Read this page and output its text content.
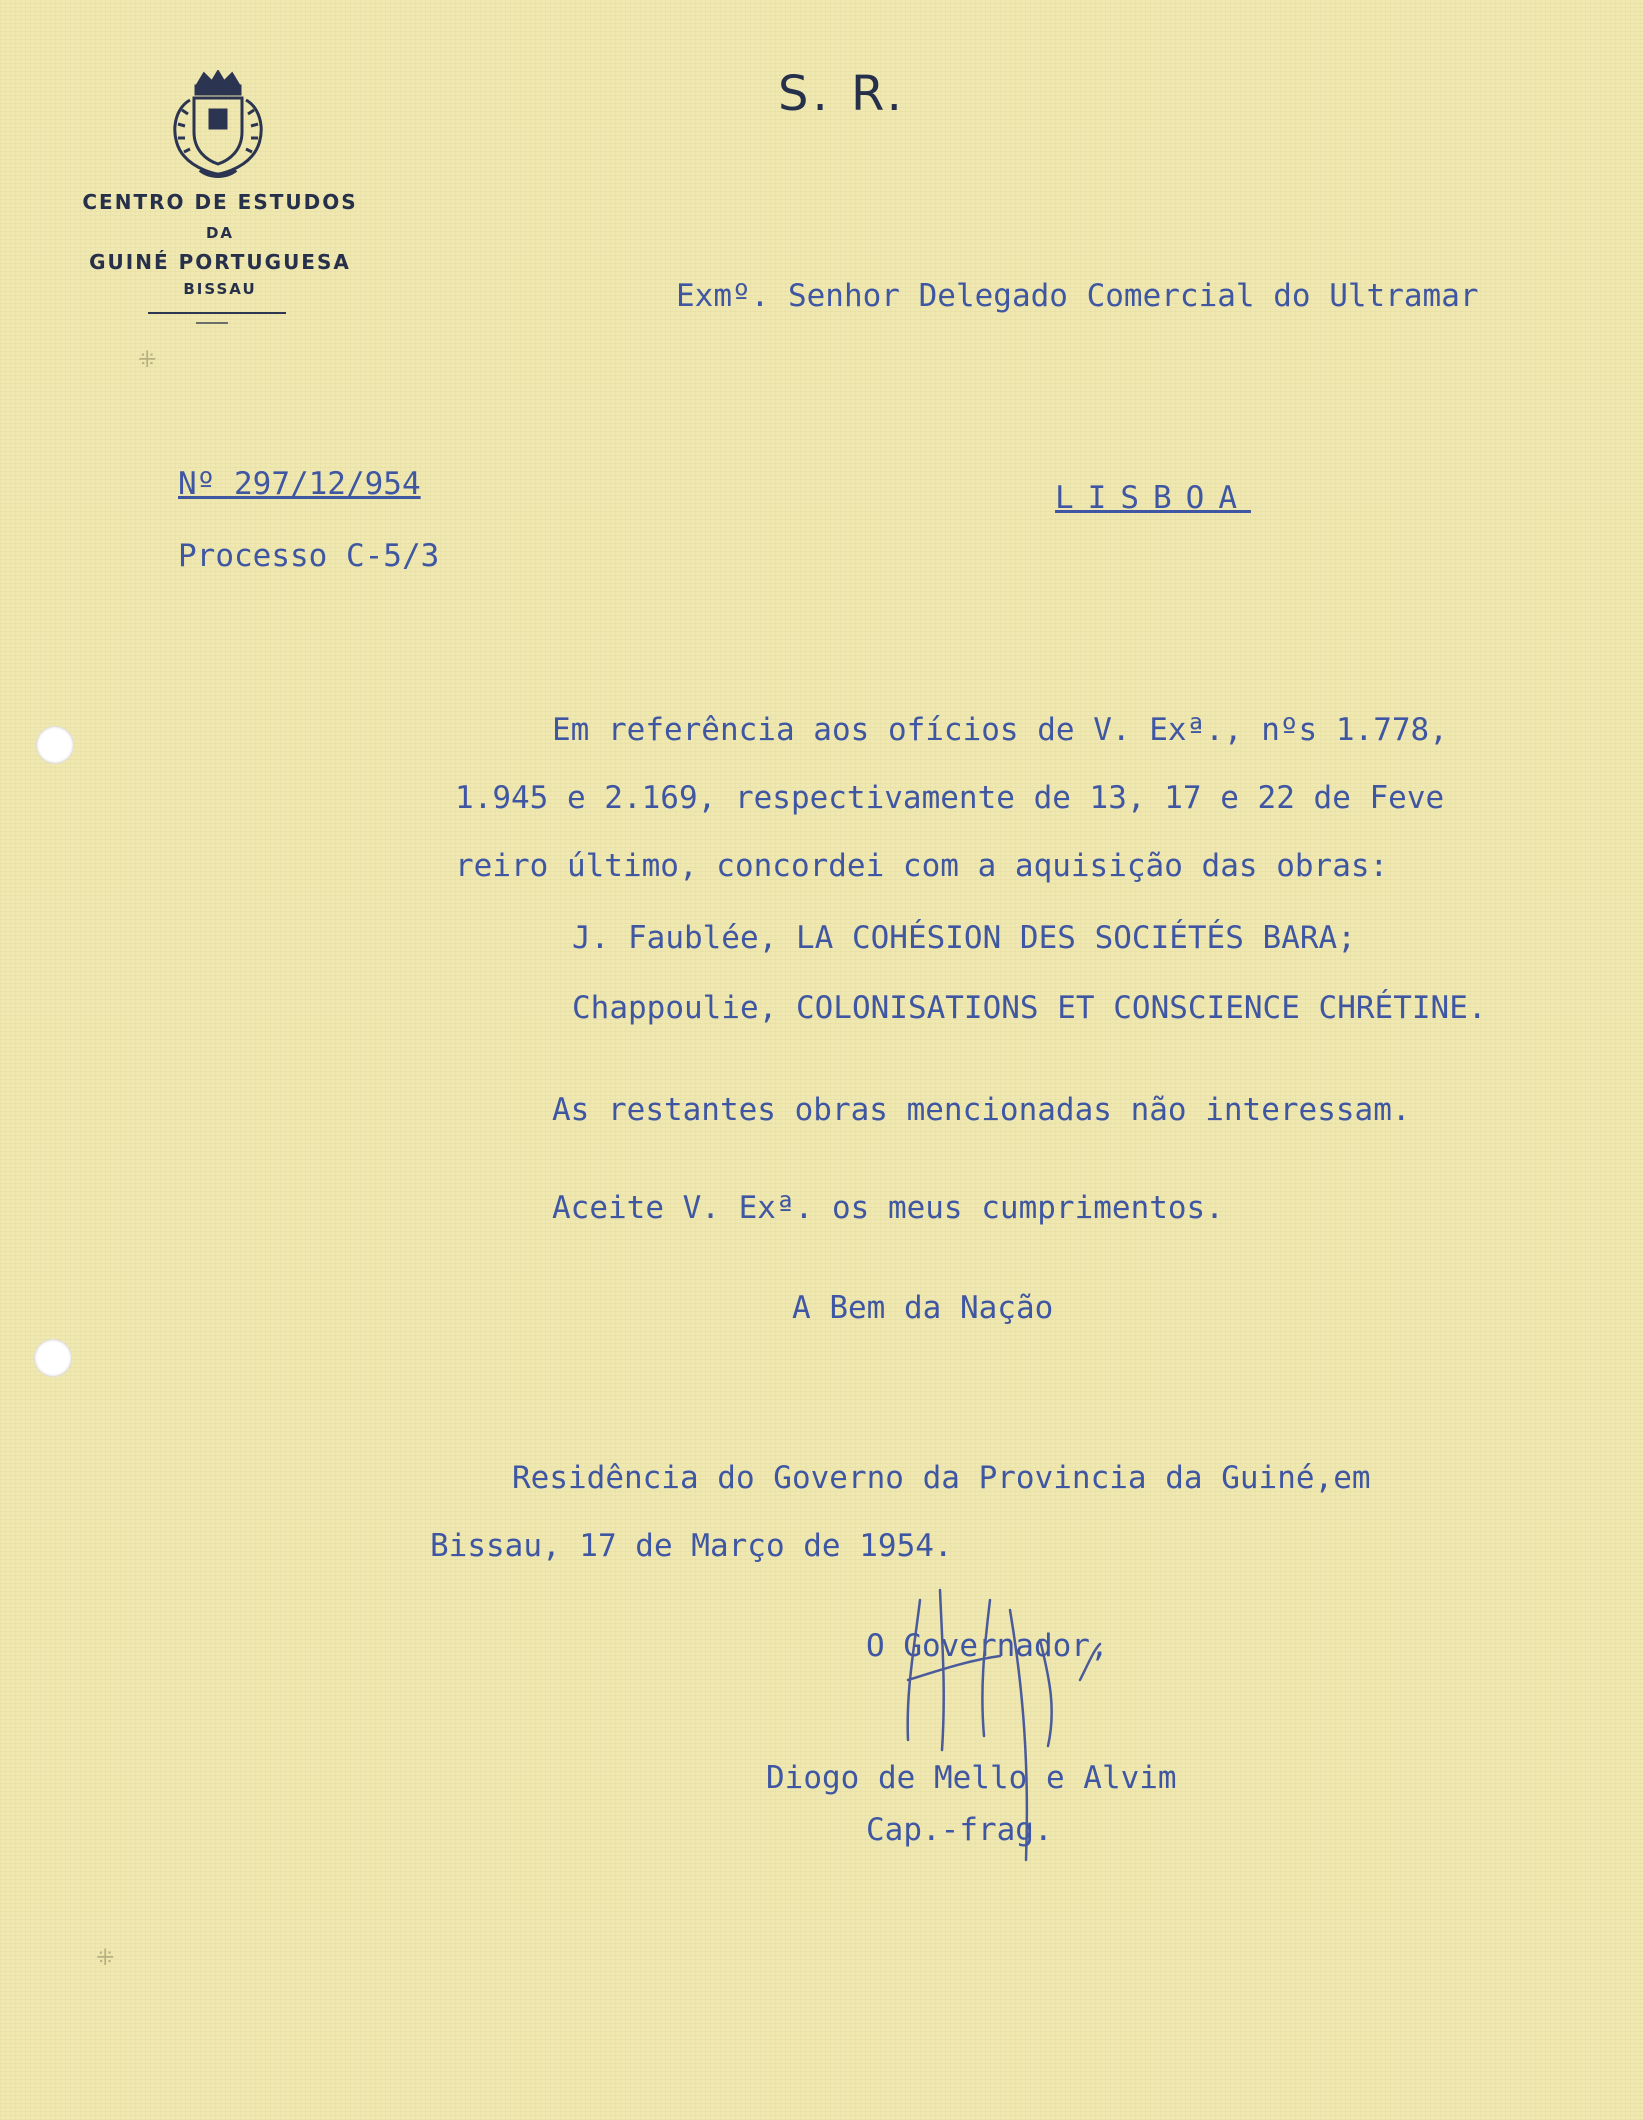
CENTRO DE ESTUDOS
DA
GUINÉ PORTUGUESA
BISSAU
S. R.
Exmº. Senhor Delegado Comercial do Ultramar
Nº 297/12/954
Processo C-5/3
LISBOA
Em referência aos ofícios de V. Exª., nºs 1.778,
1.945 e 2.169, respectivamente de 13, 17 e 22 de Feve
reiro último, concordei com a aquisição das obras:
J. Faublée, LA COHÉSION DES SOCIÉTÉS BARA;
Chappoulie, COLONISATIONS ET CONSCIENCE CHRÉTINE.
As restantes obras mencionadas não interessam.
Aceite V. Exª. os meus cumprimentos.
A Bem da Nação
Residência do Governo da Provincia da Guiné,em
Bissau, 17 de Março de 1954.
O Governador,
Diogo de Mello e Alvim
Cap.-frag.
⁜
⁜
